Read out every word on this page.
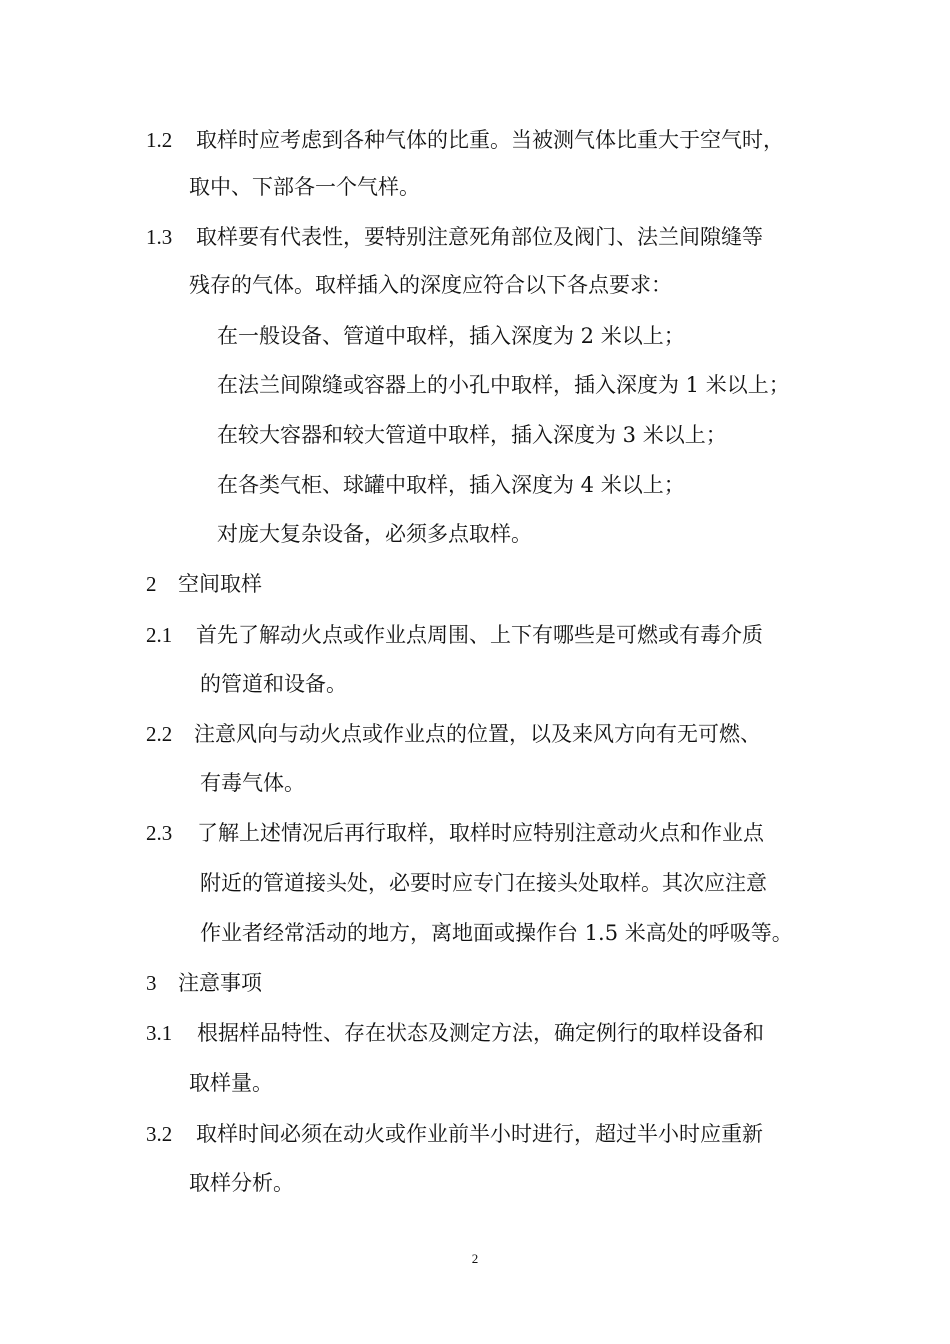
1.2 取样时应考虑到各种气体的比重。当被测气体比重大于空气时，
取中、下部各一个气样。
1.3 取样要有代表性，要特别注意死角部位及阀门、法兰间隙缝等
残存的气体。取样插入的深度应符合以下各点要求：
在一般设备、管道中取样，插入深度为 2 米以上；
在法兰间隙缝或容器上的小孔中取样，插入深度为 1 米以上；
在较大容器和较大管道中取样，插入深度为 3 米以上；
在各类气柜、球罐中取样，插入深度为 4 米以上；
对庞大复杂设备，必须多点取样。
2 空间取样
2.1 首先了解动火点或作业点周围、上下有哪些是可燃或有毒介质
的管道和设备。
2.2 注意风向与动火点或作业点的位置，以及来风方向有无可燃、
有毒气体。
2.3 了解上述情况后再行取样，取样时应特别注意动火点和作业点
附近的管道接头处，必要时应专门在接头处取样。其次应注意
作业者经常活动的地方，离地面或操作台 1.5 米高处的呼吸等。
3 注意事项
3.1 根据样品特性、存在状态及测定方法，确定例行的取样设备和
取样量。
3.2 取样时间必须在动火或作业前半小时进行，超过半小时应重新
取样分析。
2
